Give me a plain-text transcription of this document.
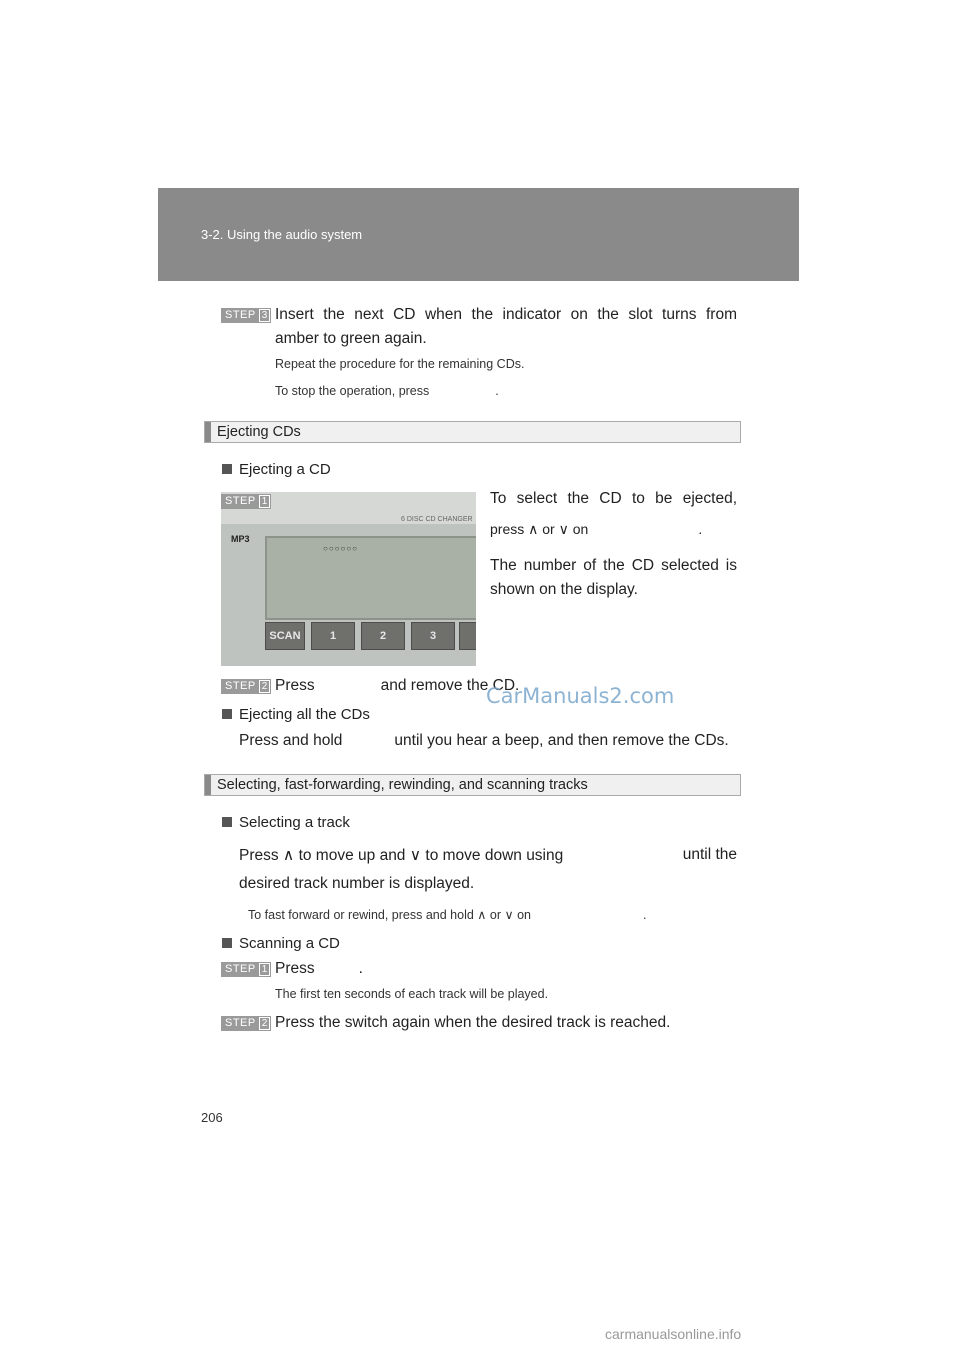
3-2. Using the audio system
STEP 3 Insert the next CD when the indicator on the slot turns from
amber to green again.
Repeat the procedure for the remaining CDs.
To stop the operation, press	.
Ejecting CDs
Ejecting a CD
6 DISC CD CHANGER
MP3
○○○○○○
SCAN	1	2	3
STEP 1	To select the CD to be ejected,
press ∧ or ∨ on	.
The number of the CD selected is
shown on the display.
STEP 2 Press	and remove the CD.
CarManuals2.com
Ejecting all the CDs
Press and hold	until you hear a beep, and then remove the CDs.
Selecting, fast-forwarding, rewinding, and scanning tracks
Selecting a track
Press ∧ to move up and ∨ to move down using	until the
desired track number is displayed.
To fast forward or rewind, press and hold ∧ or ∨ on	.
Scanning a CD
STEP 1 Press	.
The first ten seconds of each track will be played.
STEP 2 Press the switch again when the desired track is reached.
206
carmanualsonline.info
